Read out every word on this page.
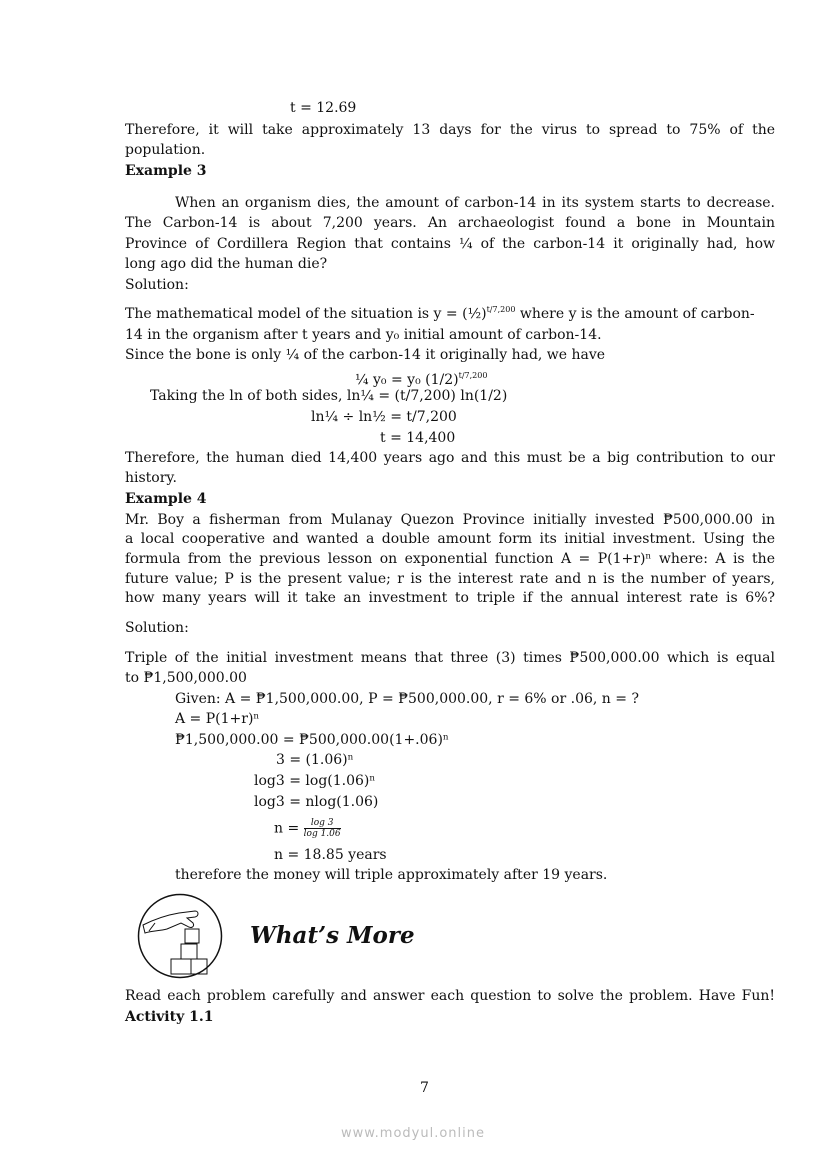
t = 12.69
Therefore, it will take approximately 13 days for the virus to spread to 75% of the
population.
Example 3
When an organism dies, the amount of carbon-14 in its system starts to decrease.
The Carbon-14 is about 7,200 years. An archaeologist found a bone in Mountain
Province of Cordillera Region that contains ¼ of the carbon-14 it originally had, how
long ago did the human die?
Solution:
The mathematical model of the situation is y = (½)$^{t/7,200}$ where y is the amount of carbon-
14 in the organism after t years and y₀ initial amount of carbon-14.
Since the bone is only ¼ of the carbon-14 it originally had, we have
¼ y₀ = y₀ $(1/2)^{t/7,200}$
Taking the ln of both sides, ln¼ = (t/7,200) ln(1/2)
ln¼ ÷ ln½ = t/7,200
t = 14,400
Therefore, the human died 14,400 years ago and this must be a big contribution to our
history.
Example 4
Mr. Boy a fisherman from Mulanay Quezon Province initially invested ₱500,000.00 in
a local cooperative and wanted a double amount form its initial investment. Using the
formula from the previous lesson on exponential function A = P(1+r)ⁿ where: A is the
future value; P is the present value; r is the interest rate and n is the number of years,
how many years will it take an investment to triple if the annual interest rate is 6%?
Solution:
Triple of the initial investment means that three (3) times ₱500,000.00 which is equal
to ₱1,500,000.00
Given: A = ₱1,500,000.00, P = ₱500,000.00, r = 6% or .06, n = ?
A = P(1+r)ⁿ
₱1,500,000.00 = ₱500,000.00(1+.06)ⁿ
3 = (1.06)ⁿ
log3 = log(1.06)ⁿ
log3 = nlog(1.06)
$n = \frac{\log 3}{\log 1.06}$
n = 18.85 years
therefore the money will triple approximately after 19 years.
What’s More
Read each problem carefully and answer each question to solve the problem. Have Fun!
Activity 1.1
7
www.modyul.online
